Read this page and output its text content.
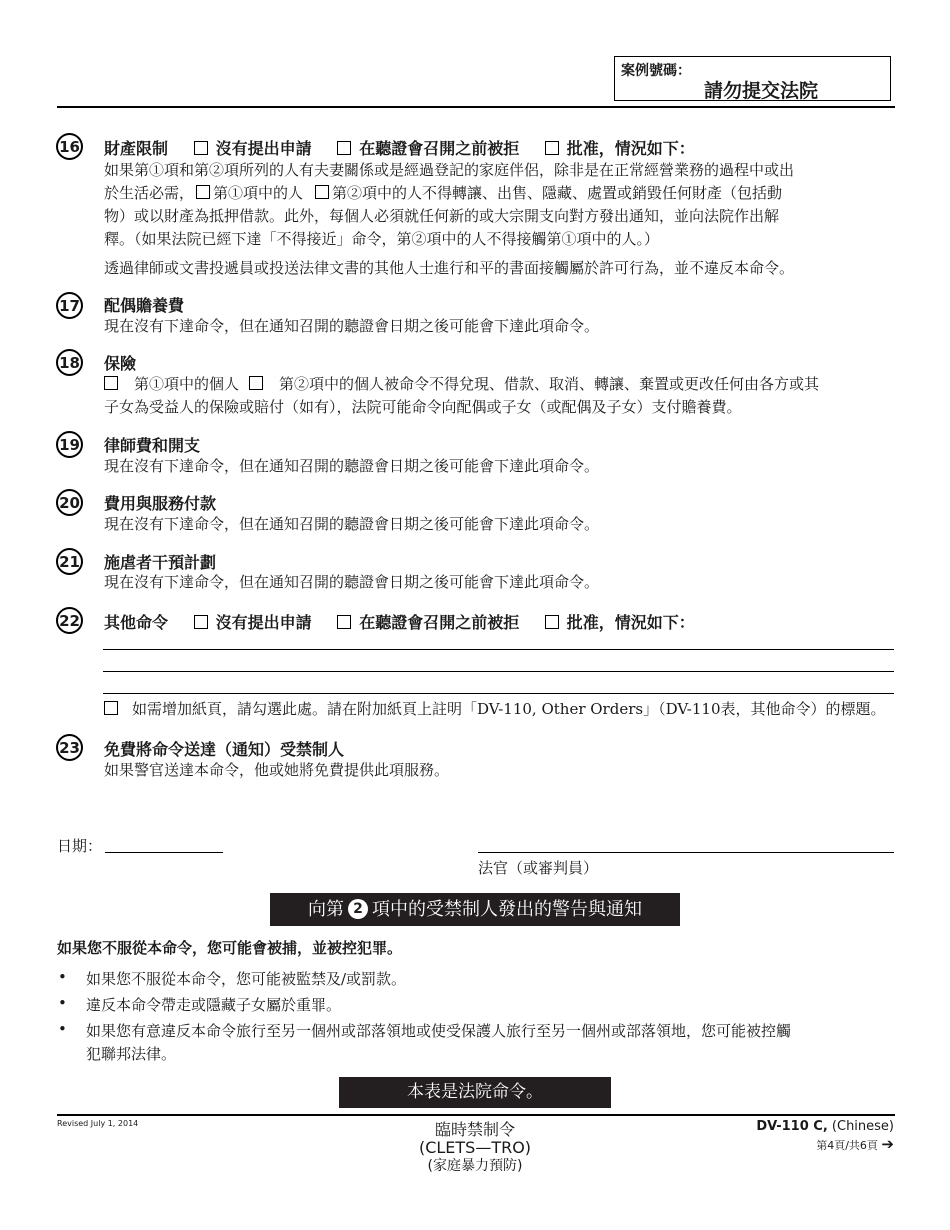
案例號碼：
請勿提交法院
16 財產限制	沒有提出申請	在聽證會召開之前被拒	批准，情況如下：
如果第①項和第②項所列的人有夫妻關係或是經過登記的家庭伴侶，除非是在正常經營業務的過程中或出
於生活必需， 第①項中的人 第②項中的人不得轉讓、出售、隱藏、處置或銷毀任何財產（包括動
物）或以財產為抵押借款。此外，每個人必須就任何新的或大宗開支向對方發出通知，並向法院作出解
釋。（如果法院已經下達「不得接近」命令，第②項中的人不得接觸第①項中的人。）
透過律師或文書投遞員或投送法律文書的其他人士進行和平的書面接觸屬於許可行為，並不違反本命令。
17 配偶贍養費
現在沒有下達命令，但在通知召開的聽證會日期之後可能會下達此項命令。
18 保險
第①項中的個人	第②項中的個人被命令不得兌現、借款、取消、轉讓、棄置或更改任何由各方或其
子女為受益人的保險或賠付（如有），法院可能命令向配偶或子女（或配偶及子女）支付贍養費。
19 律師費和開支
現在沒有下達命令，但在通知召開的聽證會日期之後可能會下達此項命令。
20 費用與服務付款
現在沒有下達命令，但在通知召開的聽證會日期之後可能會下達此項命令。
21 施虐者干預計劃
現在沒有下達命令，但在通知召開的聽證會日期之後可能會下達此項命令。
22 其他命令	沒有提出申請	在聽證會召開之前被拒	批准，情況如下：
如需增加紙頁，請勾選此處。請在附加紙頁上註明「DV-110, Other Orders」（DV-110表，其他命令）的標題。
23 免費將命令送達（通知）受禁制人
如果警官送達本命令，他或她將免費提供此項服務。
日期：
法官（或審判員）
向第 2 項中的受禁制人發出的警告與通知
如果您不服從本命令，您可能會被捕，並被控犯罪。
• 如果您不服從本命令，您可能被監禁及/或罰款。
• 違反本命令帶走或隱藏子女屬於重罪。
• 如果您有意違反本命令旅行至另一個州或部落領地或使受保護人旅行至另一個州或部落領地，您可能被控觸
犯聯邦法律。
本表是法院命令。
Revised July 1, 2014	臨時禁制令
(CLETS—TRO)
(家庭暴力預防)
DV-110 C, (Chinese)
第4頁/共6頁 ➔
